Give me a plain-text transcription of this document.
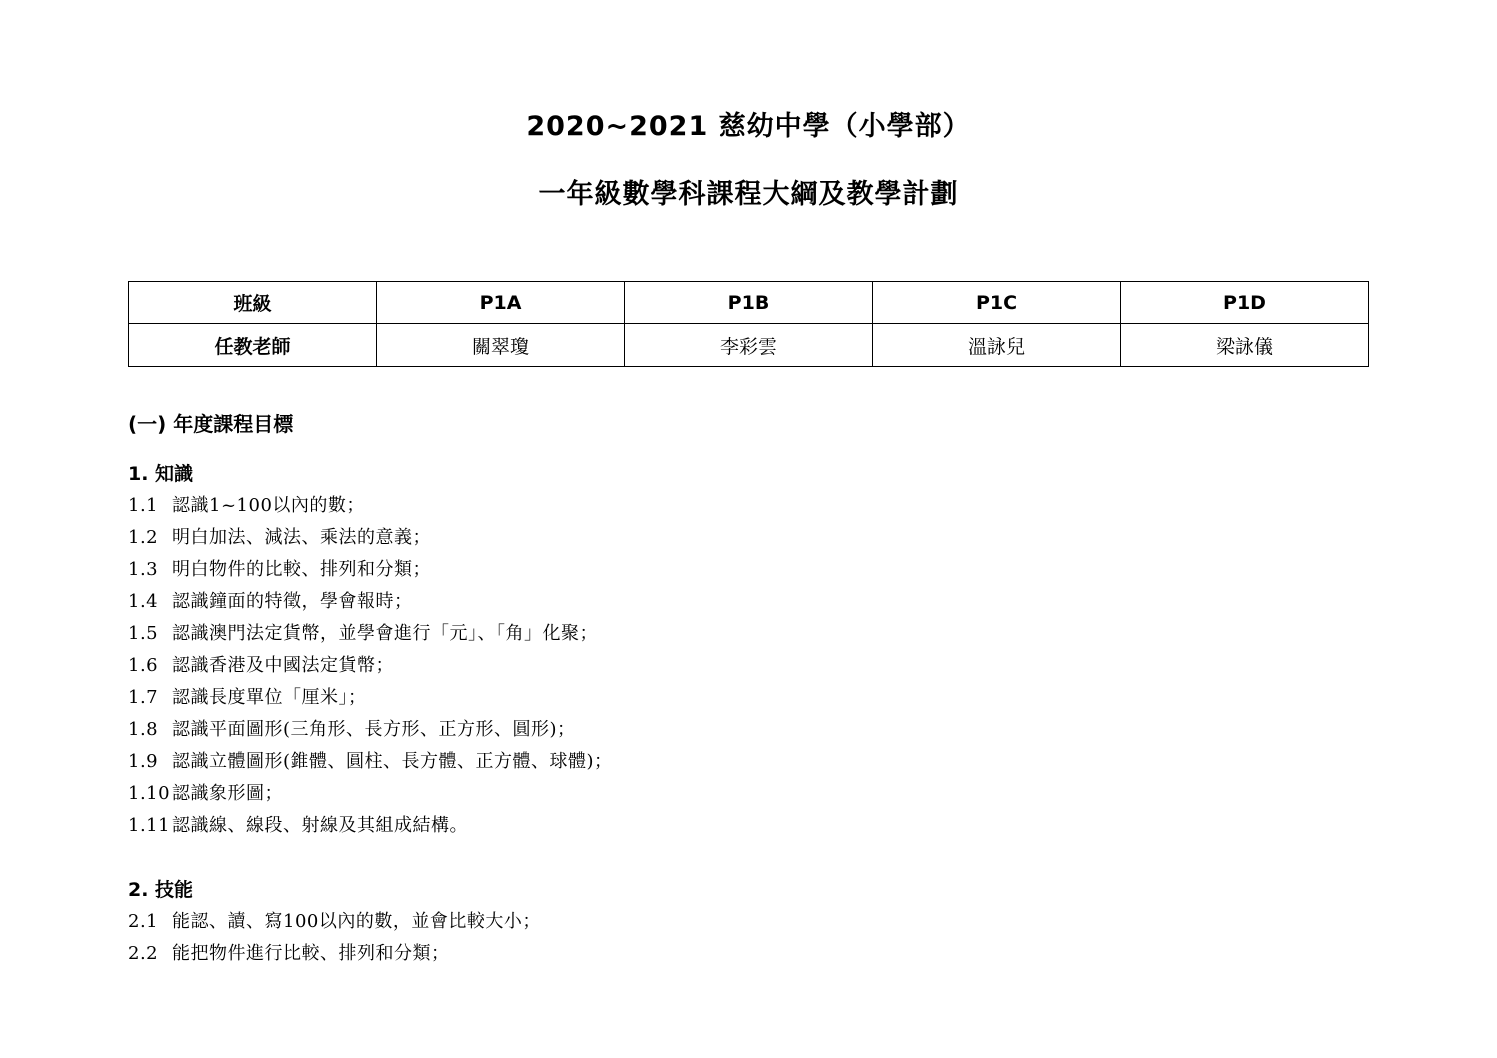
2020~2021 慈幼中學（小學部）
一年級數學科課程大綱及教學計劃
班級	P1A	P1B	P1C	P1D
任教老師	關翠瓊	李彩雲	溫詠兒	梁詠儀
(一) 年度課程目標
1. 知識
1.1 認識1~100以內的數；
1.2 明白加法、減法、乘法的意義；
1.3 明白物件的比較、排列和分類；
1.4 認識鐘面的特徵，學會報時；
1.5 認識澳門法定貨幣，並學會進行「元」、「角」化聚；
1.6 認識香港及中國法定貨幣；
1.7 認識長度單位「厘米」；
1.8 認識平面圖形(三角形、長方形、正方形、圓形)；
1.9 認識立體圖形(錐體、圓柱、長方體、正方體、球體)；
1.10 認識象形圖；
1.11 認識線、線段、射線及其組成結構。
2. 技能
2.1 能認、讀、寫100以內的數，並會比較大小；
2.2 能把物件進行比較、排列和分類；
